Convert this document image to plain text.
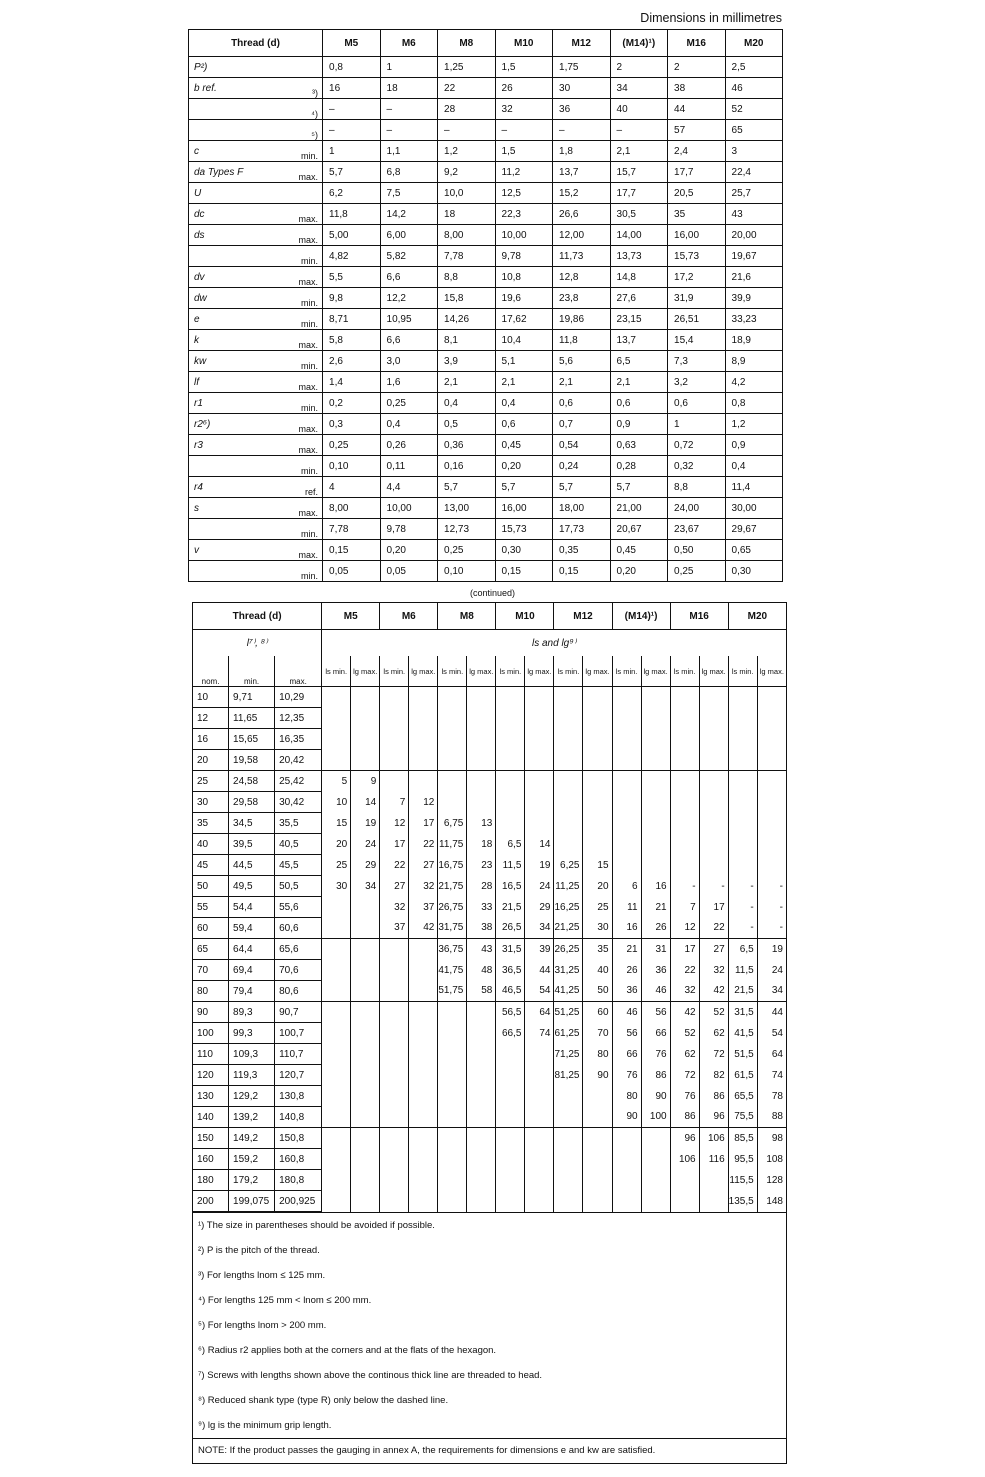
Dimensions in millimetres
Thread (d)		M5	M6	M8	M10	M12	(M14)¹)	M16	M20
P²)		0,8	1	1,25	1,5	1,75	2	2	2,5
b ref.	³)	16	18	22	26	30	34	38	46
	⁴)	–	–	28	32	36	40	44	52
	⁵)	–	–	–	–	–	–	57	65
c	min.	1	1,1	1,2	1,5	1,8	2,1	2,4	3
da Types F	max.	5,7	6,8	9,2	11,2	13,7	15,7	17,7	22,4
U		6,2	7,5	10,0	12,5	15,2	17,7	20,5	25,7
dc	max.	11,8	14,2	18	22,3	26,6	30,5	35	43
ds	max.	5,00	6,00	8,00	10,00	12,00	14,00	16,00	20,00
	min.	4,82	5,82	7,78	9,78	11,73	13,73	15,73	19,67
dv	max.	5,5	6,6	8,8	10,8	12,8	14,8	17,2	21,6
dw	min.	9,8	12,2	15,8	19,6	23,8	27,6	31,9	39,9
e	min.	8,71	10,95	14,26	17,62	19,86	23,15	26,51	33,23
k	max.	5,8	6,6	8,1	10,4	11,8	13,7	15,4	18,9
kw	min.	2,6	3,0	3,9	5,1	5,6	6,5	7,3	8,9
lf	max.	1,4	1,6	2,1	2,1	2,1	2,1	3,2	4,2
r1	min.	0,2	0,25	0,4	0,4	0,6	0,6	0,6	0,8
r2⁶)	max.	0,3	0,4	0,5	0,6	0,7	0,9	1	1,2
r3	max.	0,25	0,26	0,36	0,45	0,54	0,63	0,72	0,9
	min.	0,10	0,11	0,16	0,20	0,24	0,28	0,32	0,4
r4	ref.	4	4,4	5,7	5,7	5,7	5,7	8,8	11,4
s	max.	8,00	10,00	13,00	16,00	18,00	21,00	24,00	30,00
	min.	7,78	9,78	12,73	15,73	17,73	20,67	23,67	29,67
v	max.	0,15	0,20	0,25	0,30	0,35	0,45	0,50	0,65
	min.	0,05	0,05	0,10	0,15	0,15	0,20	0,25	0,30
(continued)
Thread (d)			M5		M6		M8		M10		M12		(M14)¹)		M16		M20	
l⁷⁾, ⁸⁾			ls and lg⁹⁾															
nom.	min.	max.	ls min.	lg max.	ls min.	lg max.	ls min.	lg max.	ls min.	lg max.	ls min.	lg max.	ls min.	lg max.	ls min.	lg max.	ls min.	lg max.
10	9,71	10,29																
12	11,65	12,35																
16	15,65	16,35																
20	19,58	20,42																
25	24,58	25,42	5	9														
30	29,58	30,42	10	14	7	12												
35	34,5	35,5	15	19	12	17	6,75	13										
40	39,5	40,5	20	24	17	22	11,75	18	6,5	14								
45	44,5	45,5	25	29	22	27	16,75	23	11,5	19	6,25	15						
50	49,5	50,5	30	34	27	32	21,75	28	16,5	24	11,25	20	6	16	-	-	-	-
55	54,4	55,6			32	37	26,75	33	21,5	29	16,25	25	11	21	7	17	-	-
60	59,4	60,6			37	42	31,75	38	26,5	34	21,25	30	16	26	12	22	-	-
65	64,4	65,6					36,75	43	31,5	39	26,25	35	21	31	17	27	6,5	19
70	69,4	70,6					41,75	48	36,5	44	31,25	40	26	36	22	32	11,5	24
80	79,4	80,6					51,75	58	46,5	54	41,25	50	36	46	32	42	21,5	34
90	89,3	90,7							56,5	64	51,25	60	46	56	42	52	31,5	44
100	99,3	100,7							66,5	74	61,25	70	56	66	52	62	41,5	54
110	109,3	110,7									71,25	80	66	76	62	72	51,5	64
120	119,3	120,7									81,25	90	76	86	72	82	61,5	74
130	129,2	130,8											80	90	76	86	65,5	78
140	139,2	140,8											90	100	86	96	75,5	88
150	149,2	150,8													96	106	85,5	98
160	159,2	160,8													106	116	95,5	108
180	179,2	180,8															115,5	128
200	199,075	200,925															135,5	148
¹) The size in parentheses should be avoided if possible.
²) P is the pitch of the thread.
³) For lengths lnom ≤ 125 mm.
⁴) For lengths 125 mm < lnom ≤ 200 mm.
⁵) For lengths lnom > 200 mm.
⁶) Radius r2 applies both at the corners and at the flats of the hexagon.
⁷) Screws with lengths shown above the continous thick line are threaded to head.
⁸) Reduced shank type (type R) only below the dashed line.
⁹) lg is the minimum grip length.
NOTE: If the product passes the gauging in annex A, the requirements for dimensions e and kw are satisfied.
